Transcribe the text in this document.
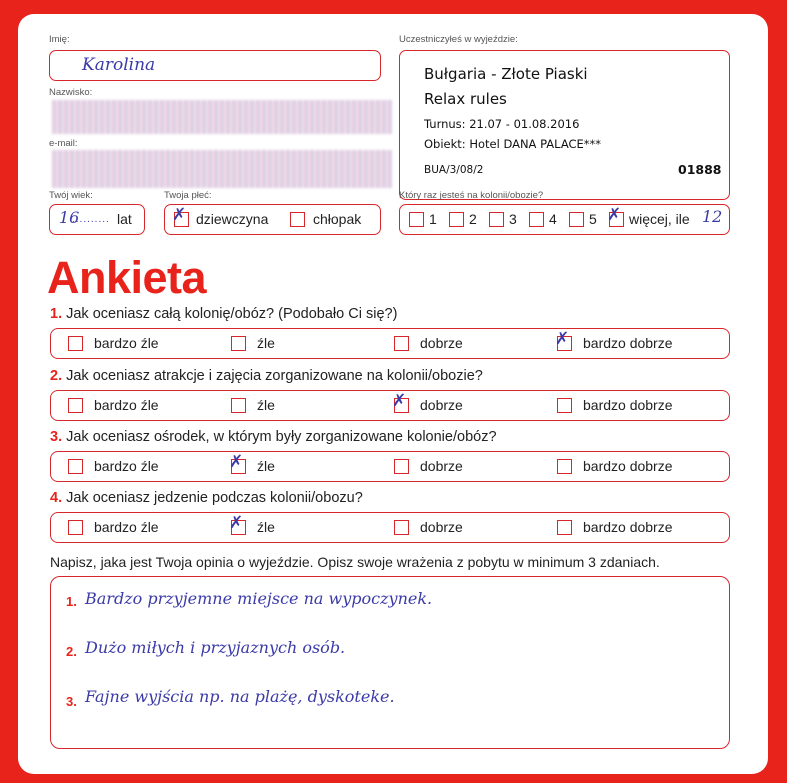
Imię:
Karolina
Nazwisko:
e-mail:
Twój wiek:
16
.......... lat
Twoja płeć:
✗ dziewczyna	chłopak
Uczestniczyłeś w wyjeździe:
Bułgaria - Złote Piaski
Relax rules
Turnus: 21.07 - 01.08.2016
Obiekt: Hotel DANA PALACE***
BUA/3/08/2	01888
Który raz jesteś na kolonii/obozie?
1 2 3 4 5 ✗ więcej, ile 12
Ankieta
1. Jak oceniasz całą kolonię/obóz? (Podobało Ci się?)
bardzo źle	źle	dobrze	✗ bardzo dobrze
2. Jak oceniasz atrakcje i zajęcia zorganizowane na kolonii/obozie?
bardzo źle	źle	✗ dobrze	bardzo dobrze
3. Jak oceniasz ośrodek, w którym były zorganizowane kolonie/obóz?
bardzo źle	✗ źle	dobrze	bardzo dobrze
4. Jak oceniasz jedzenie podczas kolonii/obozu?
bardzo źle	✗ źle	dobrze	bardzo dobrze
Napisz, jaka jest Twoja opinia o wyjeździe. Opisz swoje wrażenia z pobytu w minimum 3 zdaniach.
1. Bardzo przyjemne miejsce na wypoczynek.
2. Dużo miłych i przyjaznych osób.
3. Fajne wyjścia np. na plażę, dyskoteke.
